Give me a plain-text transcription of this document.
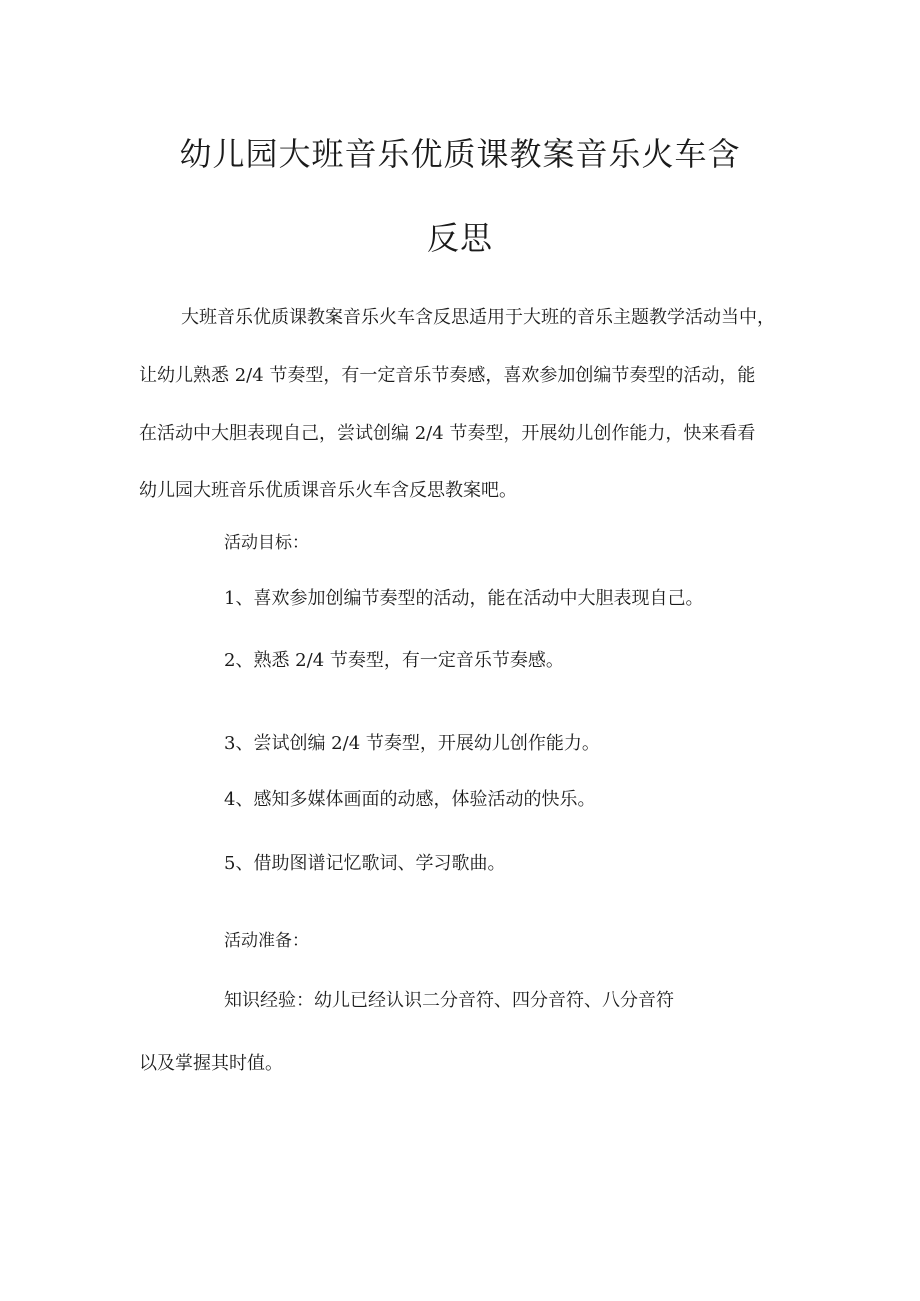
幼儿园大班音乐优质课教案音乐火车含
反思
大班音乐优质课教案音乐火车含反思适用于大班的音乐主题教学活动当中，
让幼儿熟悉 2/4 节奏型，有一定音乐节奏感，喜欢参加创编节奏型的活动，能
在活动中大胆表现自己，尝试创编 2/4 节奏型，开展幼儿创作能力，快来看看
幼儿园大班音乐优质课音乐火车含反思教案吧。
活动目标：
1、喜欢参加创编节奏型的活动，能在活动中大胆表现自己。
2、熟悉 2/4 节奏型，有一定音乐节奏感。
3、尝试创编 2/4 节奏型，开展幼儿创作能力。
4、感知多媒体画面的动感，体验活动的快乐。
5、借助图谱记忆歌词、学习歌曲。
活动准备：
知识经验：幼儿已经认识二分音符、四分音符、八分音符
以及掌握其时值。
